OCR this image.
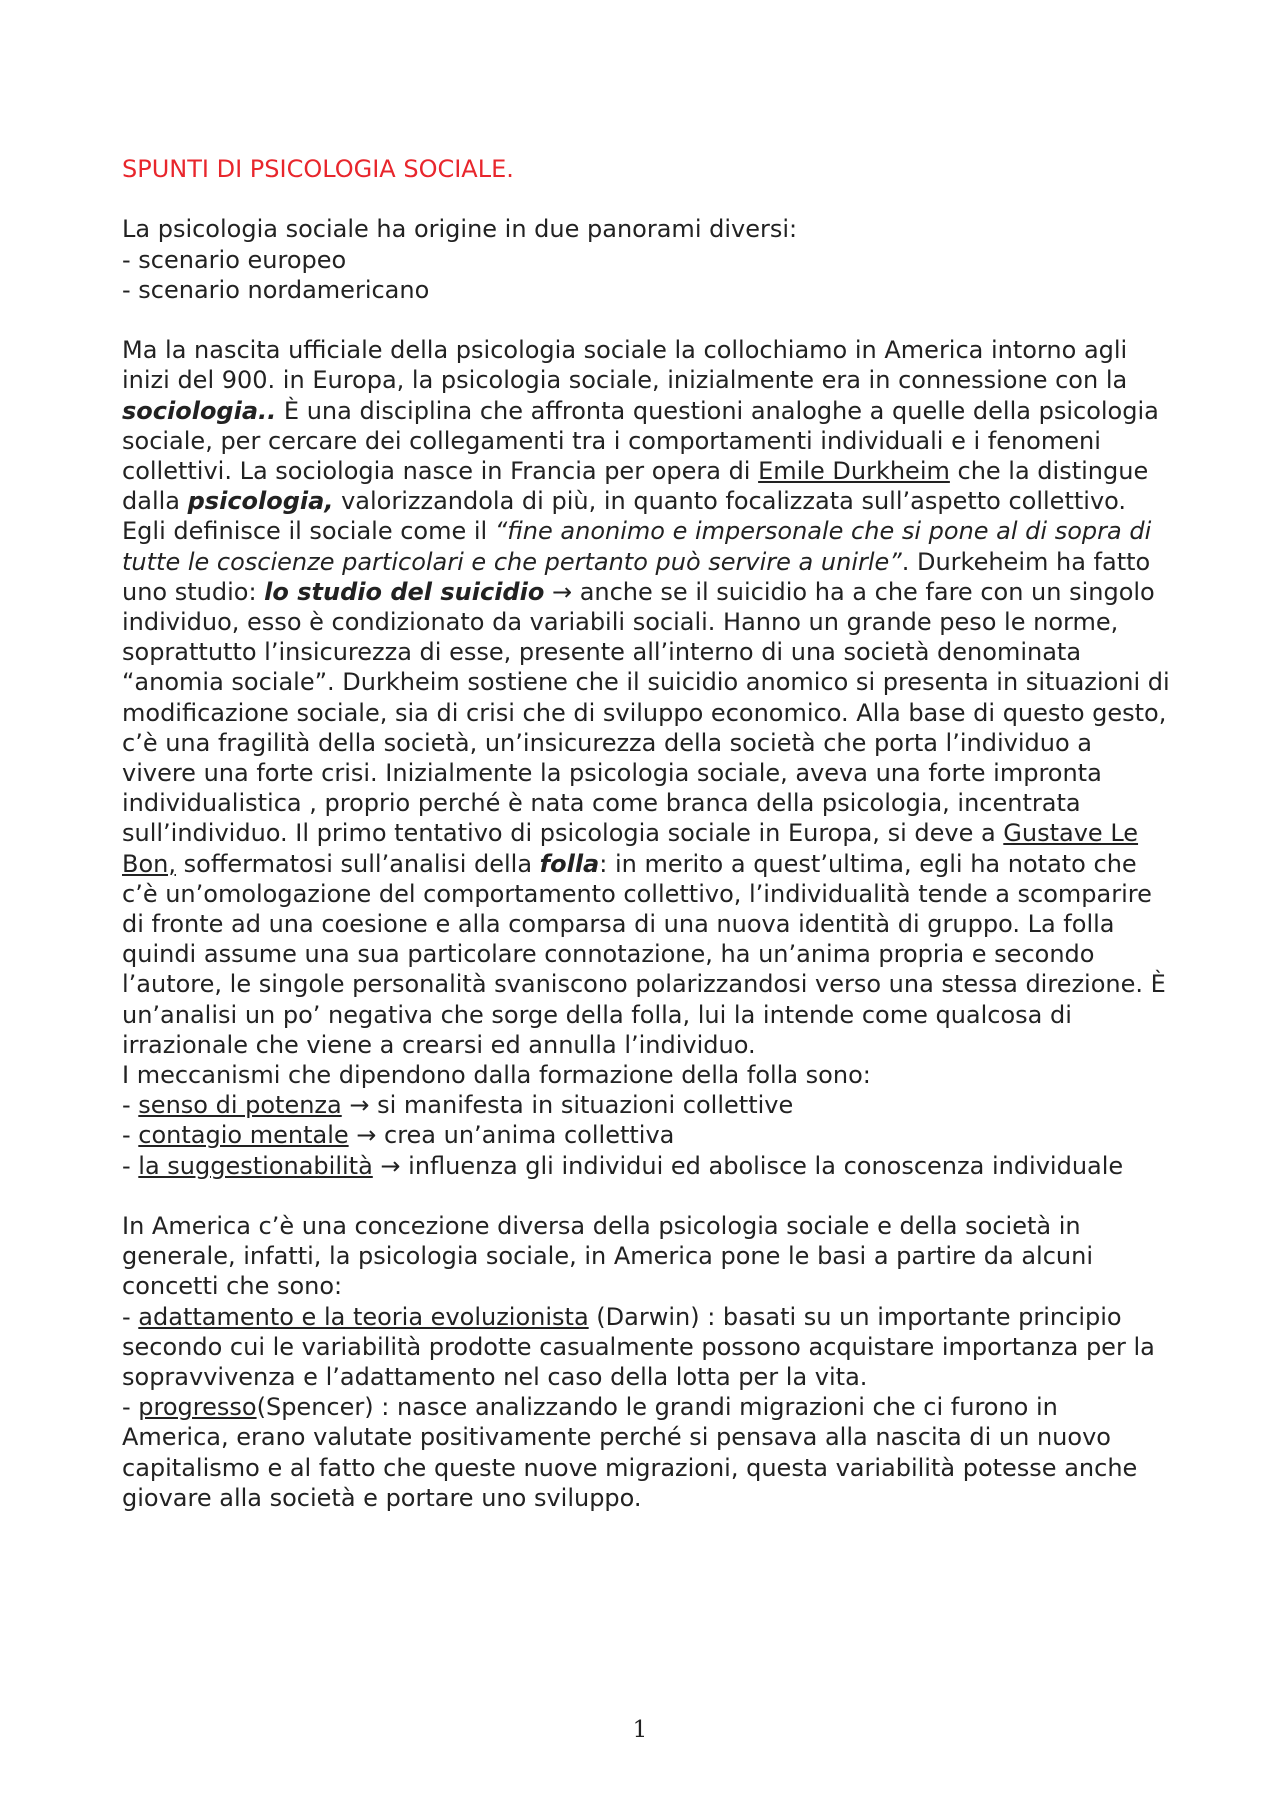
SPUNTI DI PSICOLOGIA SOCIALE.

La psicologia sociale ha origine in due panorami diversi:

- scenario europeo

- scenario nordamericano

Ma la nascita ufficiale della psicologia sociale la collochiamo in America intorno agli inizi del 900. in Europa, la psicologia sociale, inizialmente era in connessione con la sociologia.. È una disciplina che affronta questioni analoghe a quelle della psicologia sociale, per cercare dei collegamenti tra i comportamenti individuali e i fenomeni collettivi. La sociologia nasce in Francia per opera di Emile Durkheim che la distingue dalla psicologia, valorizzandola di più, in quanto focalizzata sull’aspetto collettivo. Egli definisce il sociale come il “fine anonimo e impersonale che si pone al di sopra di tutte le coscienze particolari e che pertanto può servire a unirle”. Durkeheim ha fatto uno studio: lo studio del suicidio → anche se il suicidio ha a che fare con un singolo individuo, esso è condizionato da variabili sociali. Hanno un grande peso le norme, soprattutto l’insicurezza di esse, presente all’interno di una società denominata “anomia sociale”. Durkheim sostiene che il suicidio anomico si presenta in situazioni di modificazione sociale, sia di crisi che di sviluppo economico. Alla base di questo gesto, c’è una fragilità della società, un’insicurezza della società che porta l’individuo a vivere una forte crisi. Inizialmente la psicologia sociale, aveva una forte impronta individualistica , proprio perché è nata come branca della psicologia, incentrata sull’individuo. Il primo tentativo di psicologia sociale in Europa, si deve a Gustave Le Bon, soffermatosi sull’analisi della folla: in merito a quest’ultima, egli ha notato che c’è un’omologazione del comportamento collettivo, l’individualità tende a scomparire di fronte ad una coesione e alla comparsa di una nuova identità di gruppo. La folla quindi assume una sua particolare connotazione, ha un’anima propria e secondo l’autore, le singole personalità svaniscono polarizzandosi verso una stessa direzione. È un’analisi un po’ negativa che sorge della folla, lui la intende come qualcosa di irrazionale che viene a crearsi ed annulla l’individuo.

I meccanismi che dipendono dalla formazione della folla sono:

- senso di potenza → si manifesta in situazioni collettive

- contagio mentale → crea un’anima collettiva

- la suggestionabilità → influenza gli individui ed abolisce la conoscenza individuale

In America c’è una concezione diversa della psicologia sociale e della società in generale, infatti, la psicologia sociale, in America pone le basi a partire da alcuni concetti che sono:

- adattamento e la teoria evoluzionista (Darwin) : basati su un importante principio secondo cui le variabilità prodotte casualmente possono acquistare importanza per la sopravvivenza e l’adattamento nel caso della lotta per la vita.

- progresso(Spencer) : nasce analizzando le grandi migrazioni che ci furono in America, erano valutate positivamente perché si pensava alla nascita di un nuovo capitalismo e al fatto che queste nuove migrazioni, questa variabilità potesse anche giovare alla società e portare uno sviluppo.

1
